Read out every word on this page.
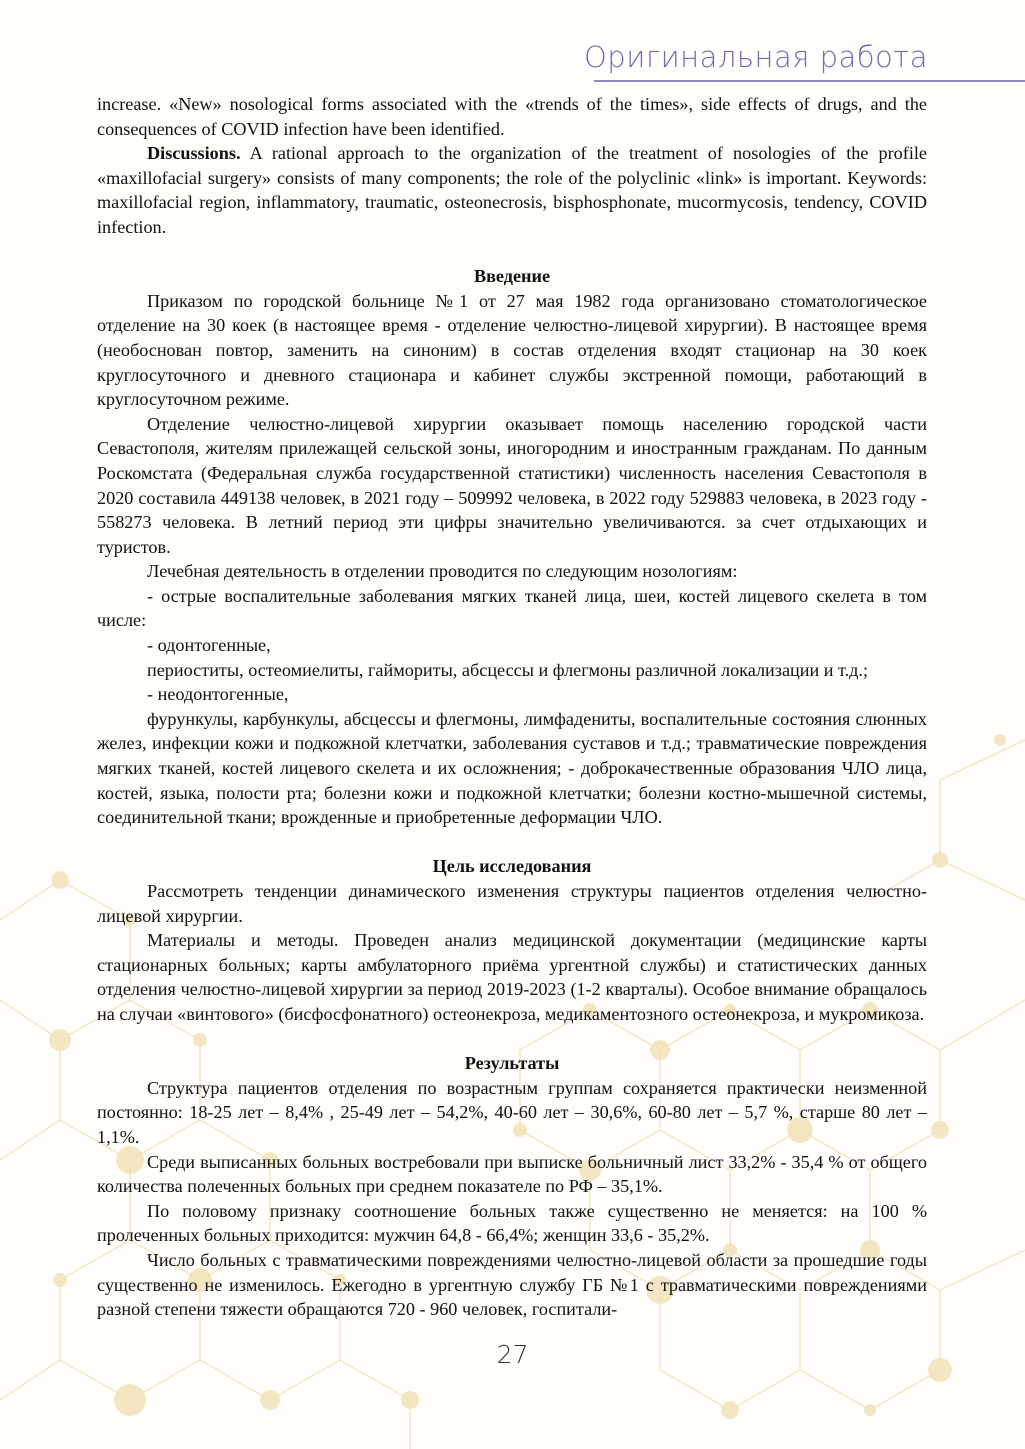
Оригинальная работа

increase. «New» nosological forms associated with the «trends of the times», side effects of drugs, and the consequences of COVID infection have been identified.

Discussions. A rational approach to the organization of the treatment of nosologies of the profile «maxillofacial surgery» consists of many components; the role of the polyclinic «link» is important. Keywords: maxillofacial region, inflammatory, traumatic, osteonecrosis, bisphosphonate, mucormycosis, tendency, COVID infection.

Введение

Приказом по городской больнице №1 от 27 мая 1982 года организовано стоматологическое отделение на 30 коек (в настоящее время - отделение челюстно-лицевой хирургии). В настоящее время (необоснован повтор, заменить на синоним) в состав отделения входят стационар на 30 коек круглосуточного и дневного стационара и кабинет службы экстренной помощи, работающий в круглосуточном режиме.

Отделение челюстно-лицевой хирургии оказывает помощь населению городской части Севастополя, жителям прилежащей сельской зоны, иногородним и иностранным гражданам. По данным Роскомстата (Федеральная служба государственной статистики) численность населения Севастополя в 2020 составила 449138 человек, в 2021 году – 509992 человека, в 2022 году 529883 человека, в 2023 году - 558273 человека. В летний период эти цифры значительно увеличиваются. за счет отдыхающих и туристов.

Лечебная деятельность в отделении проводится по следующим нозологиям:

- острые воспалительные заболевания мягких тканей лица, шеи, костей лицевого скелета в том числе:

- одонтогенные,

периоститы, остеомиелиты, гаймориты, абсцессы и флегмоны различной локализации и т.д.;

- неодонтогенные,

фурункулы, карбункулы, абсцессы и флегмоны, лимфадениты, воспалительные состояния слюнных желез, инфекции кожи и подкожной клетчатки, заболевания суставов и т.д.; травматические повреждения мягких тканей, костей лицевого скелета и их осложнения; - доброкачественные образования ЧЛО лица, костей, языка, полости рта; болезни кожи и подкожной клетчатки; болезни костно-мышечной системы, соединительной ткани; врожденные и приобретенные деформации ЧЛО.

Цель исследования

Рассмотреть тенденции динамического изменения структуры пациентов отделения челюстно-лицевой хирургии.

Материалы и методы. Проведен анализ медицинской документации (медицинские карты стационарных больных; карты амбулаторного приёма ургентной службы) и статистических данных отделения челюстно-лицевой хирургии за период 2019-2023 (1-2 кварталы). Особое внимание обращалось на случаи «винтового» (бисфосфонатного) остеонекроза, медикаментозного остеонекроза, и мукромикоза.

Результаты

Структура пациентов отделения по возрастным группам сохраняется практически неизменной постоянно: 18-25 лет – 8,4% , 25-49 лет – 54,2%, 40-60 лет – 30,6%, 60-80 лет – 5,7 %, старше 80 лет – 1,1%.

Среди выписанных больных востребовали при выписке больничный лист 33,2% - 35,4 % от общего количества полеченных больных при среднем показателе по РФ – 35,1%.

По половому признаку соотношение больных также существенно не меняется: на 100 % пролеченных больных приходится: мужчин 64,8 - 66,4%; женщин 33,6 - 35,2%.

Число больных с травматическими повреждениями челюстно-лицевой области за прошедшие годы существенно не изменилось. Ежегодно в ургентную службу ГБ №1 с травматическими повреждениями разной степени тяжести обращаются 720 - 960 человек, госпитали-

27
